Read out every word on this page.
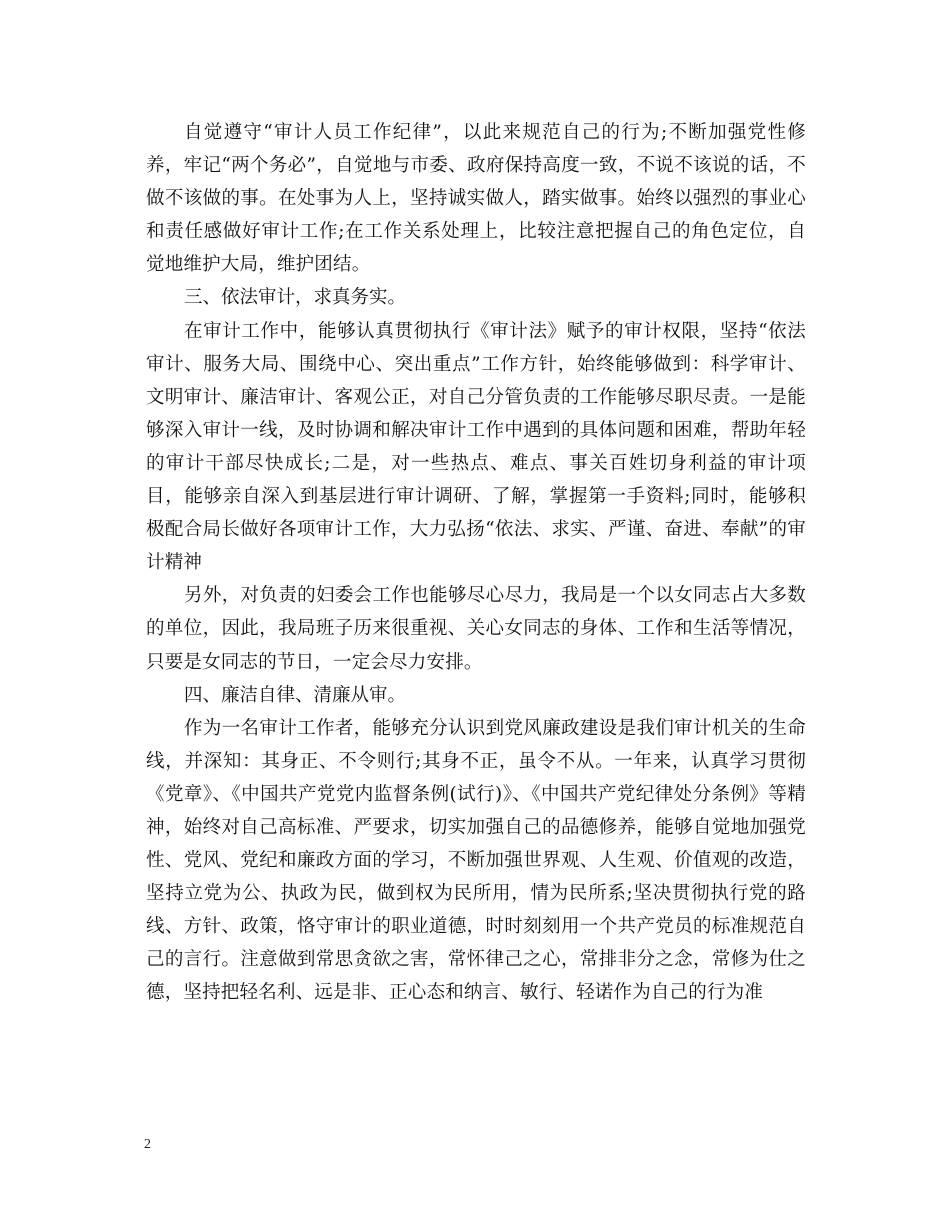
自觉遵守“审计人员工作纪律”，以此来规范自己的行为;不断加强党性修养，牢记“两个务必”，自觉地与市委、政府保持高度一致，不说不该说的话，不做不该做的事。在处事为人上，坚持诚实做人，踏实做事。始终以强烈的事业心和责任感做好审计工作;在工作关系处理上，比较注意把握自己的角色定位，自觉地维护大局，维护团结。

三、依法审计，求真务实。

在审计工作中，能够认真贯彻执行《审计法》赋予的审计权限，坚持“依法审计、服务大局、围绕中心、突出重点”工作方针，始终能够做到：科学审计、文明审计、廉洁审计、客观公正，对自己分管负责的工作能够尽职尽责。一是能够深入审计一线，及时协调和解决审计工作中遇到的具体问题和困难，帮助年轻的审计干部尽快成长;二是，对一些热点、难点、事关百姓切身利益的审计项目，能够亲自深入到基层进行审计调研、了解，掌握第一手资料;同时，能够积极配合局长做好各项审计工作，大力弘扬“依法、求实、严谨、奋进、奉献”的审计精神

另外，对负责的妇委会工作也能够尽心尽力，我局是一个以女同志占大多数的单位，因此，我局班子历来很重视、关心女同志的身体、工作和生活等情况，只要是女同志的节日，一定会尽力安排。

四、廉洁自律、清廉从审。

作为一名审计工作者，能够充分认识到党风廉政建设是我们审计机关的生命线，并深知：其身正、不令则行;其身不正，虽令不从。一年来，认真学习贯彻《党章》、《中国共产党党内监督条例(试行)》、《中国共产党纪律处分条例》等精神，始终对自己高标准、严要求，切实加强自己的品德修养，能够自觉地加强党性、党风、党纪和廉政方面的学习，不断加强世界观、人生观、价值观的改造，坚持立党为公、执政为民，做到权为民所用，情为民所系;坚决贯彻执行党的路线、方针、政策，恪守审计的职业道德，时时刻刻用一个共产党员的标准规范自己的言行。注意做到常思贪欲之害，常怀律己之心，常排非分之念，常修为仕之德，坚持把轻名利、远是非、正心态和纳言、敏行、轻诺作为自己的行为准

2
